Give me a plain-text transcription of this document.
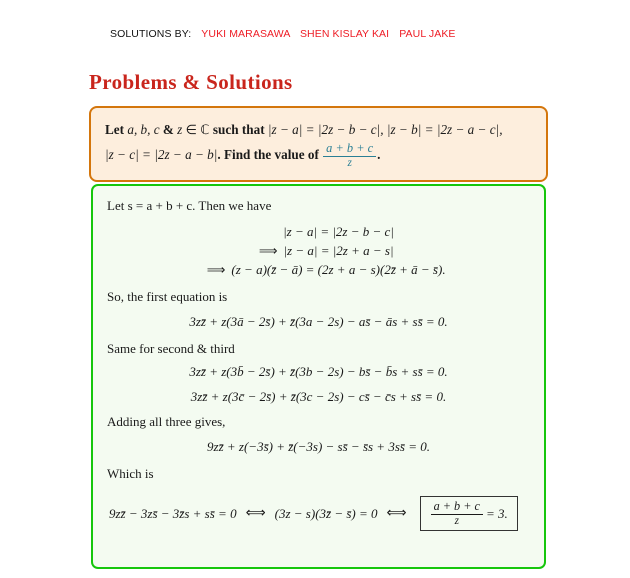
SOLUTIONS BY: YUKI MARASAWA SHEN KISLAY KAI PAUL JAKE
Problems & Solutions
Let a, b, c & z ∈ ℂ such that |z − a| = |2z − b − c|, |z − b| = |2z − a − c|,
|z − c| = |2z − a − b|. Find the value of $\frac{a + b + c}{z}$ .

Let s = a + b + c. Then we have

|z − a| = |2z − b − c|
⟹ |z − a| = |2z + a − s|
⟹ (z − a)(z̄ − ā) = (2z + a − s)(2z̄ + ā − s̄).

So, the first equation is

3zz̄ + z(3ā − 2s̄) + z̄(3a − 2s) − as̄ − ās + ss̄ = 0.

Same for second & third

3zz̄ + z(3b̄ − 2s̄) + z̄(3b − 2s) − bs̄ − b̄s + ss̄ = 0.
3zz̄ + z(3c̄ − 2s̄) + z̄(3c − 2s) − cs̄ − c̄s + ss̄ = 0.

Adding all three gives,

9zz̄ + z(−3s̄) + z̄(−3s) − ss̄ − s̄s + 3ss̄ = 0.

Which is

9zz̄ − 3zs̄ − 3z̄s + ss̄ = 0 ⟺ (3z − s)(3z̄ − s̄) = 0 ⟺ $\frac{a + b + c}{z} = 3$.
